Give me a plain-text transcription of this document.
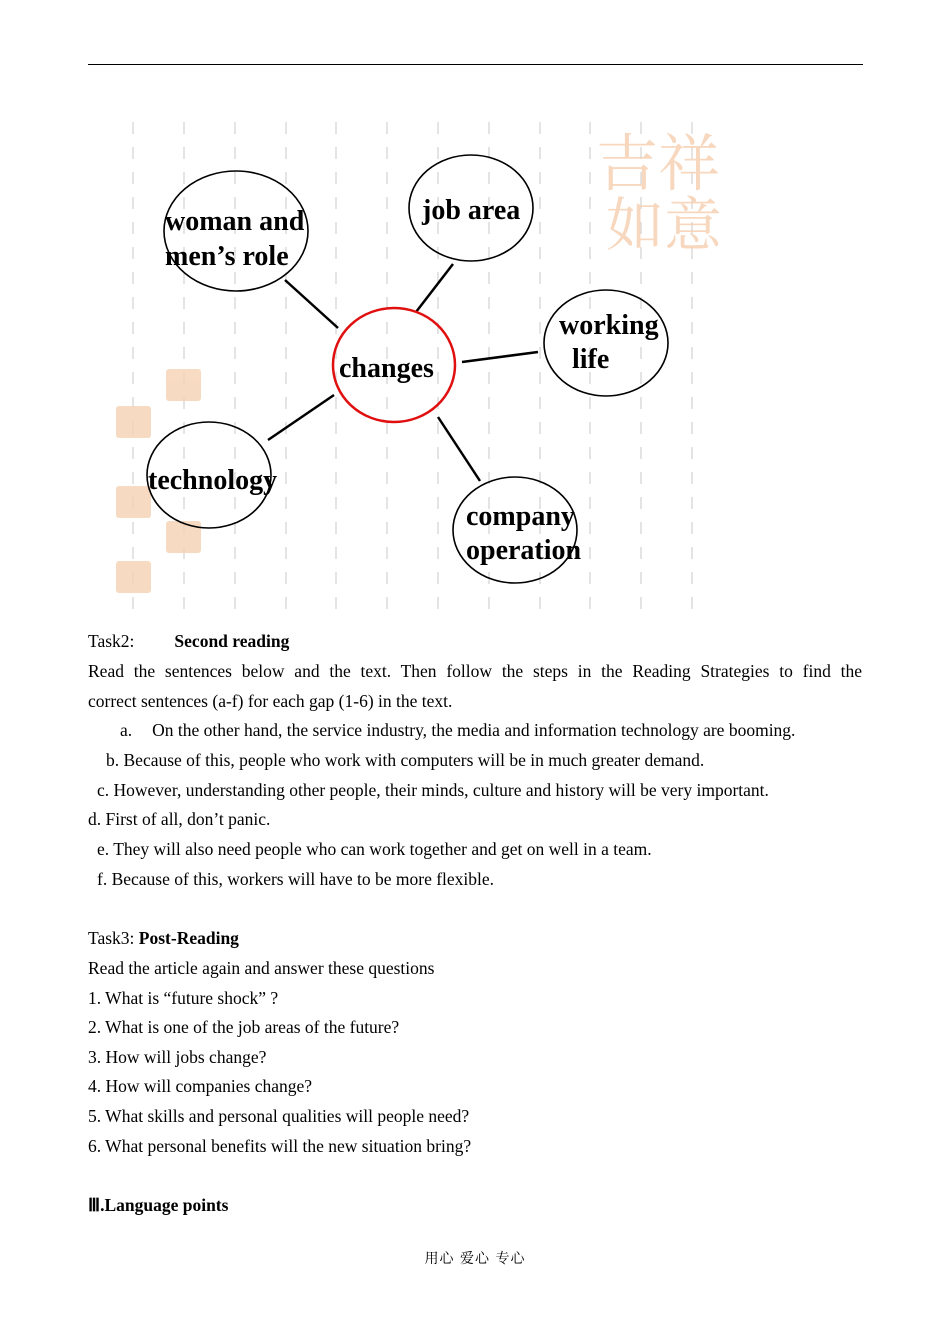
吉祥
如意
woman and
men’s role
job area
working
life
changes
technology
company
operation
Task2: Second reading
Read the sentences below and the text. Then follow the steps in the Reading Strategies to find the
correct sentences (a-f) for each gap (1-6) in the text.
a. On the other hand, the service industry, the media and information technology are booming.
b. Because of this, people who work with computers will be in much greater demand.
c. However, understanding other people, their minds, culture and history will be very important.
d. First of all, don’t panic.
e. They will also need people who can work together and get on well in a team.
f. Because of this, workers will have to be more flexible.
Task3: Post-Reading
Read the article again and answer these questions
1. What is “future shock” ?
2. What is one of the job areas of the future?
3. How will jobs change?
4. How will companies change?
5. What skills and personal qualities will people need?
6. What personal benefits will the new situation bring?
Ⅲ.Language points
用心 爱心 专心
